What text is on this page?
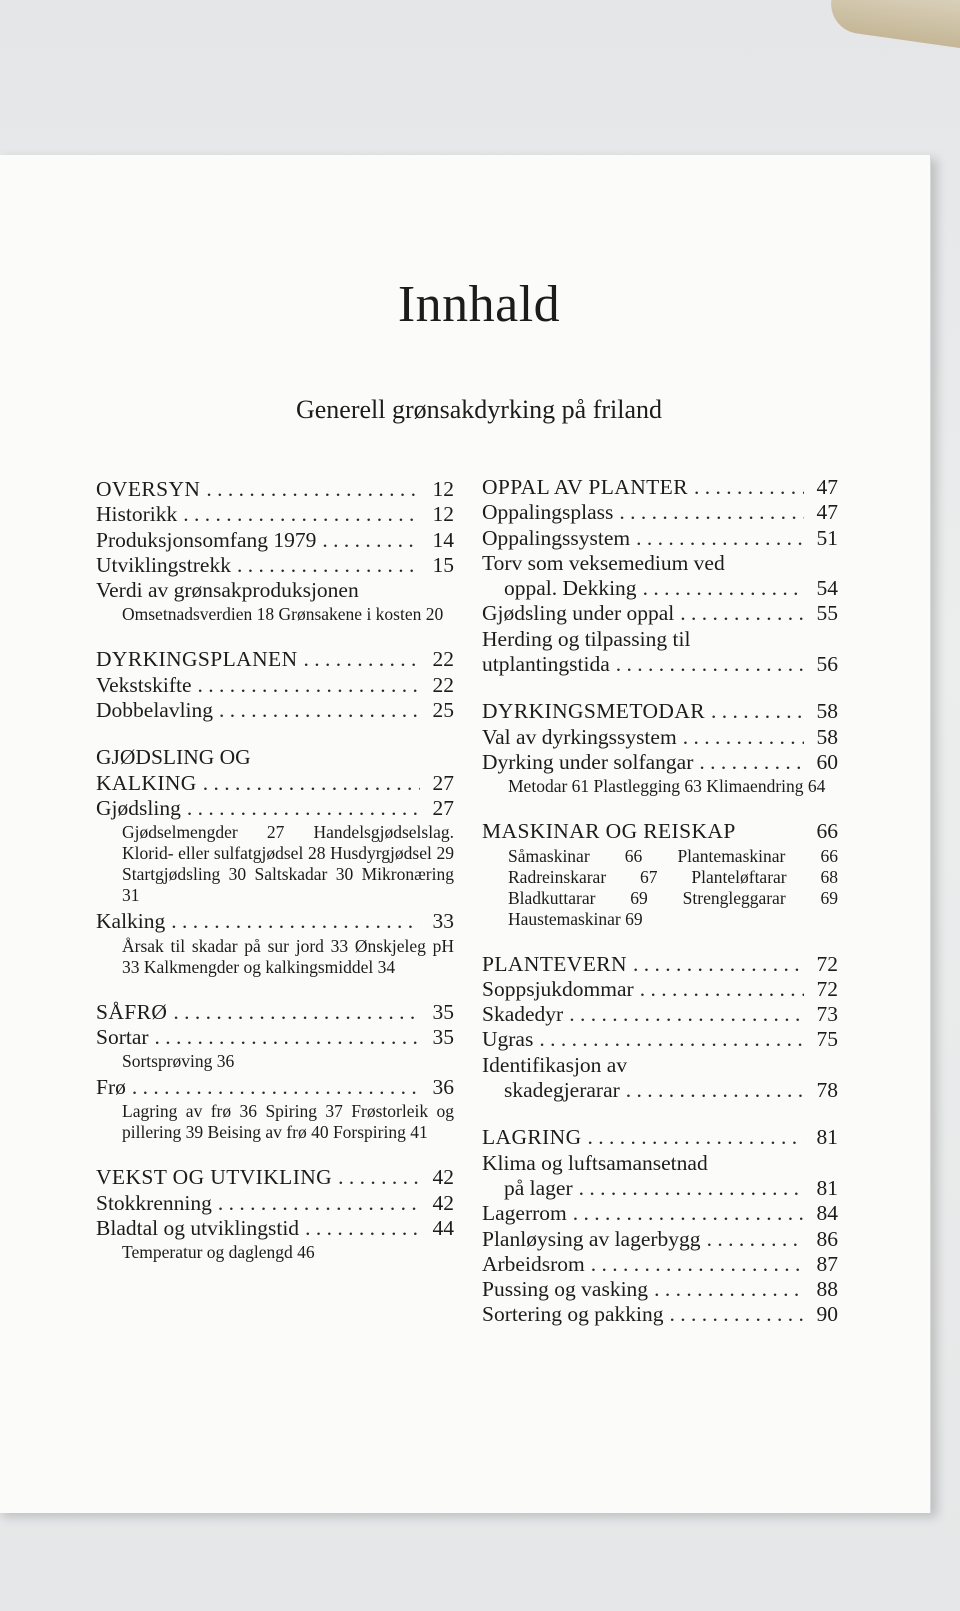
Innhald
Generell grønsakdyrking på friland
OVERSYN . . .	12
Historikk . . .	12
Produksjonsomfang 1979 . . .	14
Utviklingstrekk . . .	15
Verdi av grønsakproduksjonen
Omsetnadsverdien 18 Grønsakene i kosten 20
DYRKINGSPLANEN . . .	22
Vekstskifte . . .	22
Dobbelavling . . .	25
GJØDSLING OG
KALKING . . .	27
Gjødsling . . .	27
Gjødselmengder 27 Handelsgjødselslag. Klorid- eller sulfatgjødsel 28 Husdyrgjødsel 29 Startgjødsling 30 Saltskadar 30 Mikronæring 31
Kalking . . .	33
Årsak til skadar på sur jord 33 Ønskjeleg pH 33 Kalkmengder og kalkingsmiddel 34
SÅFRØ . . .	35
Sortar . . .	35
Sortsprøving 36
Frø . . .	36
Lagring av frø 36 Spiring 37 Frøstorleik og pillering 39 Beising av frø 40 Forspiring 41
VEKST OG UTVIKLING . . .	42
Stokkrenning . . .	42
Bladtal og utviklingstid . . .	44
Temperatur og daglengd 46
OPPAL AV PLANTER . . .	47
Oppalingsplass . . .	47
Oppalingssystem . . .	51
Torv som veksemedium ved
oppal. Dekking . . .	54
Gjødsling under oppal . . .	55
Herding og tilpassing til
utplantingstida . . .	56
DYRKINGSMETODAR . . .	58
Val av dyrkingssystem . . .	58
Dyrking under solfangar . . .	60
Metodar 61 Plastlegging 63 Klimaendring 64
MASKINAR OG REISKAP	66
Såmaskinar 66 Plantemaskinar 66 Radreinskarar 67 Planteløftarar 68 Bladkuttarar 69 Strengleggarar 69 Haustemaskinar 69
PLANTEVERN . . .	72
Soppsjukdommar . . .	72
Skadedyr . . .	73
Ugras . . .	75
Identifikasjon av
skadegjerarar . . .	78
LAGRING . . .	81
Klima og luftsamansetnad
på lager . . .	81
Lagerrom . . .	84
Planløysing av lagerbygg . . .	86
Arbeidsrom . . .	87
Pussing og vasking . . .	88
Sortering og pakking . . .	90
